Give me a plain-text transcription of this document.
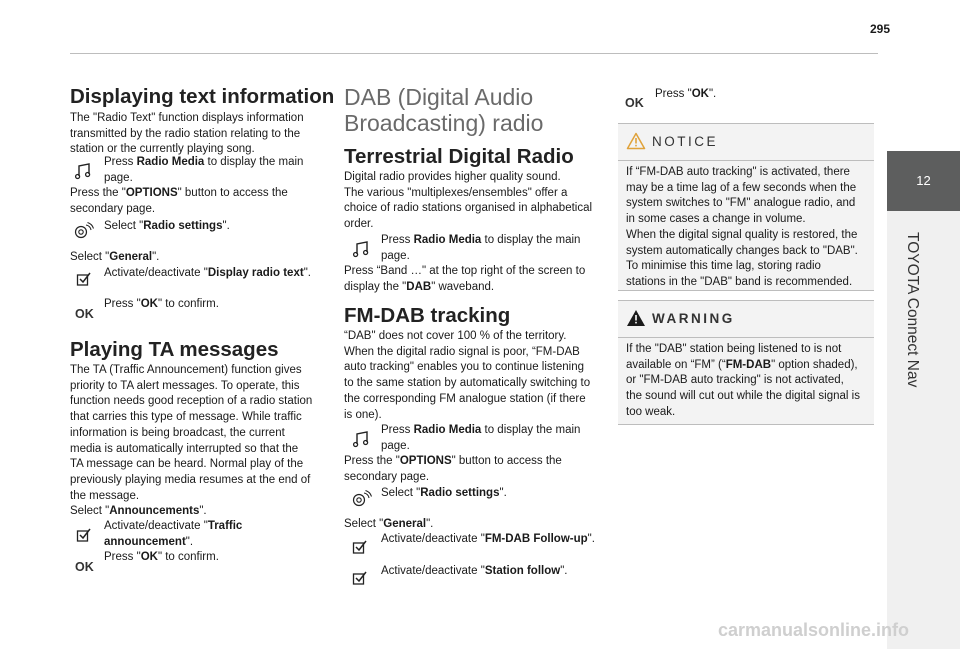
295
12
TOYOTA Connect Nav
Displaying text information
The "Radio Text" function displays information
transmitted by the radio station relating to the
station or the currently playing song.
Press Radio Media to display the main
page.
Press the "OPTIONS" button to access the
secondary page.
Select "Radio settings".
Select "General".
Activate/deactivate "Display radio text".
OK
Press "OK" to confirm.
Playing TA messages
The TA (Traffic Announcement) function gives
priority to TA alert messages. To operate, this
function needs good reception of a radio station
that carries this type of message. While traffic
information is being broadcast, the current
media is automatically interrupted so that the
TA message can be heard. Normal play of the
previously playing media resumes at the end of
the message.
Select "Announcements".
Activate/deactivate "Traffic
announcement".
OK
Press "OK" to confirm.
DAB (Digital Audio
Broadcasting) radio
Terrestrial Digital Radio
Digital radio provides higher quality sound.
The various "multiplexes/ensembles" offer a
choice of radio stations organised in alphabetical
order.
Press Radio Media to display the main
page.
Press “Band …" at the top right of the screen to
display the "DAB" waveband.
FM-DAB tracking
“DAB" does not cover 100 % of the territory.
When the digital radio signal is poor, “FM-DAB
auto tracking" enables you to continue listening
to the same station by automatically switching to
the corresponding FM analogue station (if there
is one).
Press Radio Media to display the main
page.
Press the "OPTIONS" button to access the
secondary page.
Select "Radio settings".
Select "General".
Activate/deactivate "FM-DAB Follow-up".
Activate/deactivate "Station follow".
OK
Press "OK".
NOTICE
If “FM-DAB auto tracking" is activated, there
may be a time lag of a few seconds when the
system switches to "FM" analogue radio, and
in some cases a change in volume.
When the digital signal quality is restored, the
system automatically changes back to "DAB".
To minimise this time lag, storing radio
stations in the "DAB" band is recommended.
WARNING
If the "DAB" station being listened to is not
available on “FM” (“FM-DAB" option shaded),
or "FM-DAB auto tracking" is not activated,
the sound will cut out while the digital signal is
too weak.
carmanualsonline.info
